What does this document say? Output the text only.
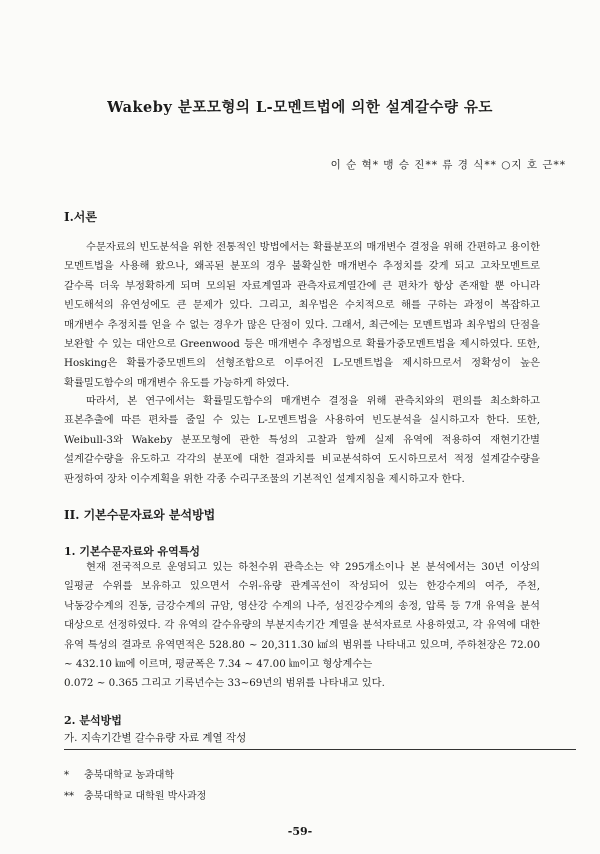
Wakeby 분포모형의 L-모멘트법에 의한 설계갈수량 유도
이 순 혁* 맹 승 진** 류 경 식** ○지 호 근**
I.서론

수문자료의 빈도분석을 위한 전통적인 방법에서는 확률분포의 매개변수 결정을 위해 간편하고 용이한 모멘트법을 사용해 왔으나, 왜곡된 분포의 경우 불확실한 매개변수 추정치를 갖게 되고 고차모멘트로 갈수록 더욱 부정확하게 되며 모의된 자료계열과 관측자료계열간에 큰 편차가 항상 존재할 뿐 아니라 빈도해석의 유연성에도 큰 문제가 있다. 그리고, 최우법은 수치적으로 해를 구하는 과정이 복잡하고 매개변수 추정치를 얻을 수 없는 경우가 많은 단점이 있다. 그래서, 최근에는 모멘트법과 최우법의 단점을 보완할 수 있는 대안으로 Greenwood 등은 매개변수 추정법으로 확률가중모멘트법을 제시하였다. 또한, Hosking은 확률가중모멘트의 선형조합으로 이루어진 L-모멘트법을 제시하므로서 정확성이 높은 확률밀도함수의 매개변수 유도를 가능하게 하였다.

따라서, 본 연구에서는 확률밀도함수의 매개변수 결정을 위해 관측치와의 편의를 최소화하고 표본추출에 따른 편차를 줄일 수 있는 L-모멘트법을 사용하여 빈도분석을 실시하고자 한다. 또한, Weibull-3와 Wakeby 분포모형에 관한 특성의 고찰과 함께 실제 유역에 적용하여 재현기간별 설계갈수량을 유도하고 각각의 분포에 대한 결과치를 비교분석하여 도시하므로서 적정 설계갈수량을 판정하여 장차 이수계획을 위한 각종 수리구조물의 기본적인 설계지침을 제시하고자 한다.

II. 기본수문자료와 분석방법
1. 기본수문자료와 유역특성

현재 전국적으로 운영되고 있는 하천수위 관측소는 약 295개소이나 본 분석에서는 30년 이상의 일평균 수위를 보유하고 있으면서 수위-유량 관계곡선이 작성되어 있는 한강수계의 여주, 주천, 낙동강수계의 진동, 금강수계의 규암, 영산강 수계의 나주, 섬진강수계의 송정, 압록 등 7개 유역을 분석 대상으로 선정하였다. 각 유역의 갈수유량의 부분지속기간 계열을 분석자료로 사용하였고, 각 유역에 대한 유역 특성의 결과로 유역면적은 528.80 ~ 20,311.30 ㎢의 범위를 나타내고 있으며, 주하천장은 72.00 ~ 432.10 ㎞에 이르며, 평균폭은 7.34 ~ 47.00 ㎞이고 형상계수는

0.072 ~ 0.365 그리고 기록년수는 33~69년의 범위를 나타내고 있다.

2. 분석방법
가. 지속기간별 갈수유량 자료 계열 작성
* 충북대학교 농과대학
** 충북대학교 대학원 박사과정
-59-
